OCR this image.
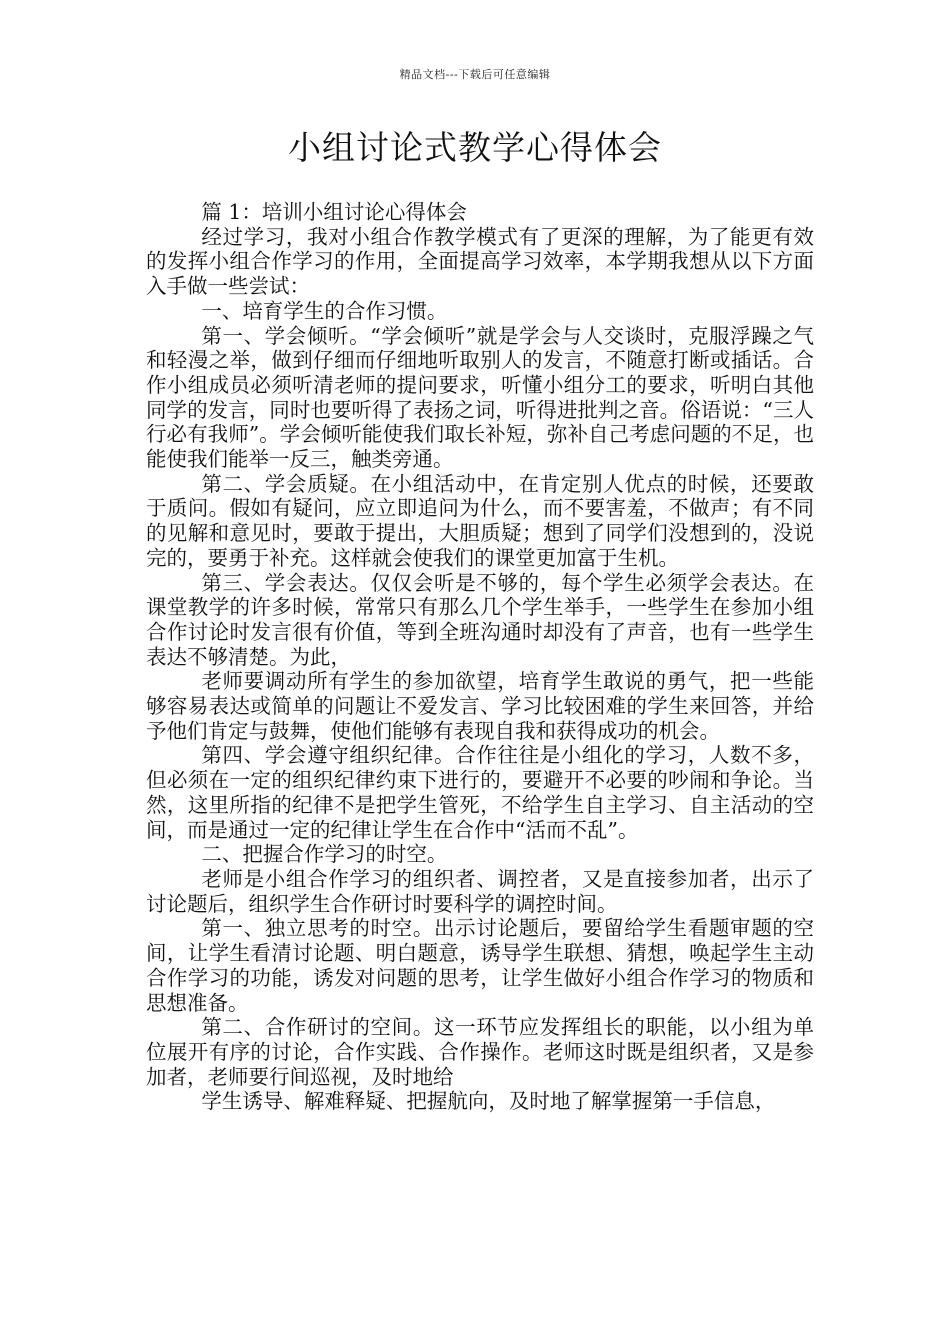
精品文档---下载后可任意编辑
小组讨论式教学心得体会

篇 1：培训小组讨论心得体会

经过学习，我对小组合作教学模式有了更深的理解，为了能更有效的发挥小组合作学习的作用，全面提高学习效率，本学期我想从以下方面入手做一些尝试：

一、培育学生的合作习惯。

第一、学会倾听。“学会倾听”就是学会与人交谈时，克服浮躁之气和轻漫之举，做到仔细而仔细地听取别人的发言，不随意打断或插话。合作小组成员必须听清老师的提问要求，听懂小组分工的要求，听明白其他同学的发言，同时也要听得了表扬之词，听得进批判之音。俗语说：“三人行必有我师”。学会倾听能使我们取长补短，弥补自己考虑问题的不足，也能使我们能举一反三，触类旁通。

第二、学会质疑。在小组活动中，在肯定别人优点的时候，还要敢于质问。假如有疑问，应立即追问为什么，而不要害羞，不做声；有不同的见解和意见时，要敢于提出，大胆质疑；想到了同学们没想到的，没说完的，要勇于补充。这样就会使我们的课堂更加富于生机。

第三、学会表达。仅仅会听是不够的，每个学生必须学会表达。在课堂教学的许多时候，常常只有那么几个学生举手，一些学生在参加小组合作讨论时发言很有价值，等到全班沟通时却没有了声音，也有一些学生表达不够清楚。为此，

老师要调动所有学生的参加欲望，培育学生敢说的勇气，把一些能够容易表达或简单的问题让不爱发言、学习比较困难的学生来回答，并给予他们肯定与鼓舞，使他们能够有表现自我和获得成功的机会。

第四、学会遵守组织纪律。合作往往是小组化的学习，人数不多，但必须在一定的组织纪律约束下进行的，要避开不必要的吵闹和争论。当然，这里所指的纪律不是把学生管死，不给学生自主学习、自主活动的空间，而是通过一定的纪律让学生在合作中“活而不乱”。

二、把握合作学习的时空。

老师是小组合作学习的组织者、调控者，又是直接参加者，出示了讨论题后，组织学生合作研讨时要科学的调控时间。

第一、独立思考的时空。出示讨论题后，要留给学生看题审题的空间，让学生看清讨论题、明白题意，诱导学生联想、猜想，唤起学生主动合作学习的功能，诱发对问题的思考，让学生做好小组合作学习的物质和思想准备。

第二、合作研讨的空间。这一环节应发挥组长的职能，以小组为单位展开有序的讨论，合作实践、合作操作。老师这时既是组织者，又是参加者，老师要行间巡视，及时地给

学生诱导、解难释疑、把握航向，及时地了解掌握第一手信息，
